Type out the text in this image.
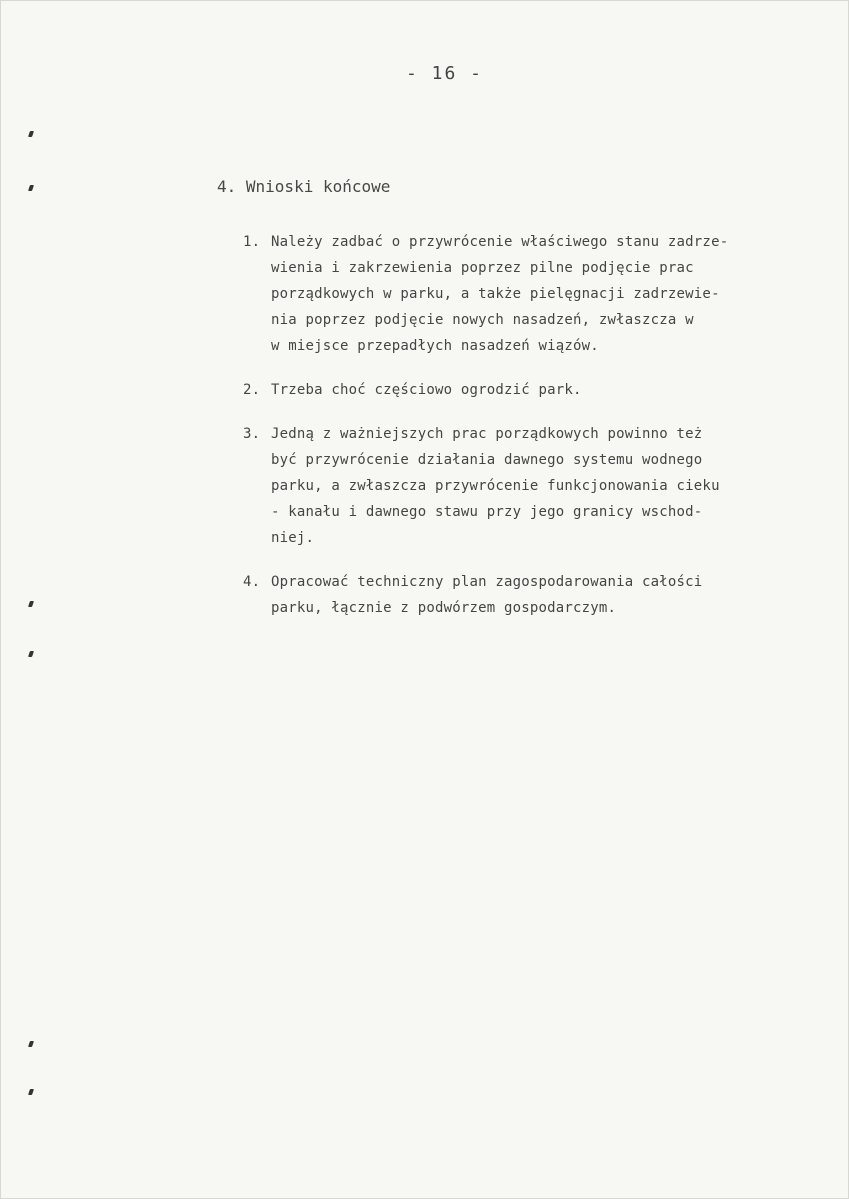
- 16 -
4. Wnioski końcowe
1. Należy zadbać o przywrócenie właściwego stanu zadrze-
wienia i zakrzewienia poprzez pilne podjęcie prac
porządkowych w parku, a także pielęgnacji zadrzewie-
nia poprzez podjęcie nowych nasadzeń, zwłaszcza w
w miejsce przepadłych nasadzeń wiązów.
2. Trzeba choć częściowo ogrodzić park.
3. Jedną z ważniejszych prac porządkowych powinno też
być przywrócenie działania dawnego systemu wodnego
parku, a zwłaszcza przywrócenie funkcjonowania cieku
- kanału i dawnego stawu przy jego granicy wschod-
niej.
4. Opracować techniczny plan zagospodarowania całości
parku, łącznie z podwórzem gospodarczym.
